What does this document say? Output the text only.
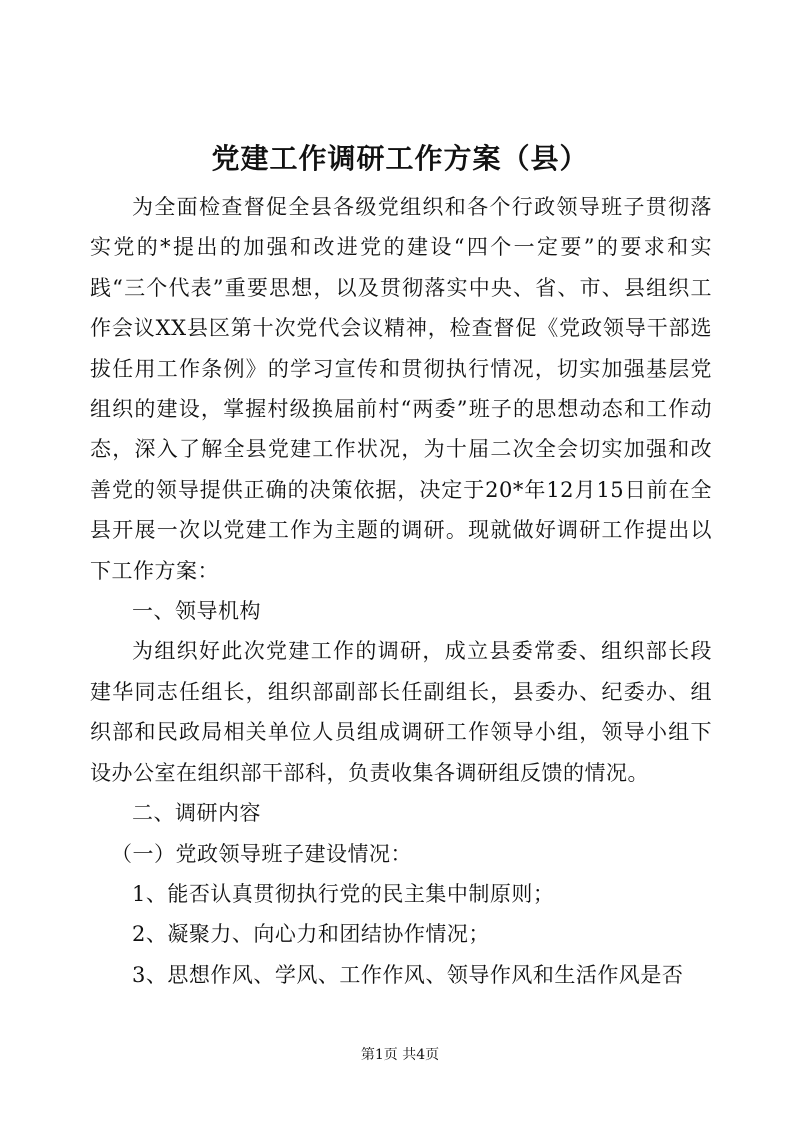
党建工作调研工作方案（县）

为全面检查督促全县各级党组织和各个行政领导班子贯彻落实党的*提出的加强和改进党的建设“四个一定要”的要求和实践“三个代表”重要思想，以及贯彻落实中央、省、市、县组织工作会议XX县区第十次党代会议精神，检查督促《党政领导干部选拔任用工作条例》的学习宣传和贯彻执行情况，切实加强基层党组织的建设，掌握村级换届前村“两委”班子的思想动态和工作动态，深入了解全县党建工作状况，为十届二次全会切实加强和改善党的领导提供正确的决策依据，决定于20*年12月15日前在全县开展一次以党建工作为主题的调研。现就做好调研工作提出以下工作方案：

一、领导机构

为组织好此次党建工作的调研，成立县委常委、组织部长段建华同志任组长，组织部副部长任副组长，县委办、纪委办、组织部和民政局相关单位人员组成调研工作领导小组，领导小组下设办公室在组织部干部科，负责收集各调研组反馈的情况。

二、调研内容

（一）党政领导班子建设情况：

1、能否认真贯彻执行党的民主集中制原则；

2、凝聚力、向心力和团结协作情况；

3、思想作风、学风、工作作风、领导作风和生活作风是否

第1页 共4页
